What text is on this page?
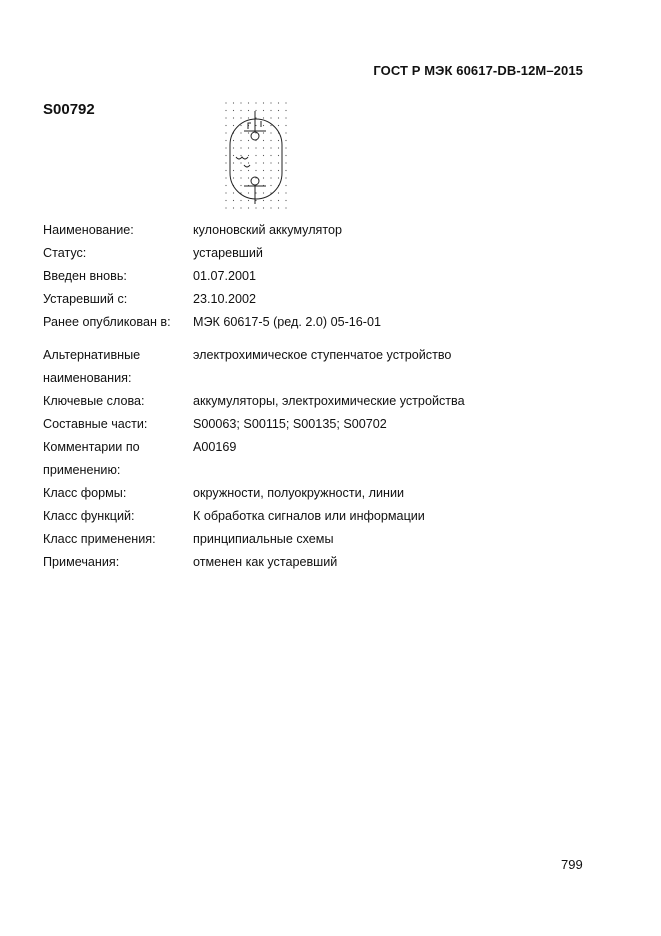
ГОСТ Р МЭК 60617-DB-12M–2015
S00792
Наименование:	кулоновский аккумулятор
Статус:	устаревший
Введен вновь:	01.07.2001
Устаревший с:	23.10.2002
Ранее опубликован в:	МЭК 60617-5 (ред. 2.0) 05-16-01
Альтернативные наименования:
электрохимическое ступенчатое устройство
Ключевые слова:	аккумуляторы, электрохимические устройства
Составные части:	S00063; S00115; S00135; S00702
Комментарии по применению:
A00169
Класс формы:	окружности, полуокружности, линии
Класс функций:	К обработка сигналов или информации
Класс применения:	принципиальные схемы
Примечания:	отменен как устаревший
799
